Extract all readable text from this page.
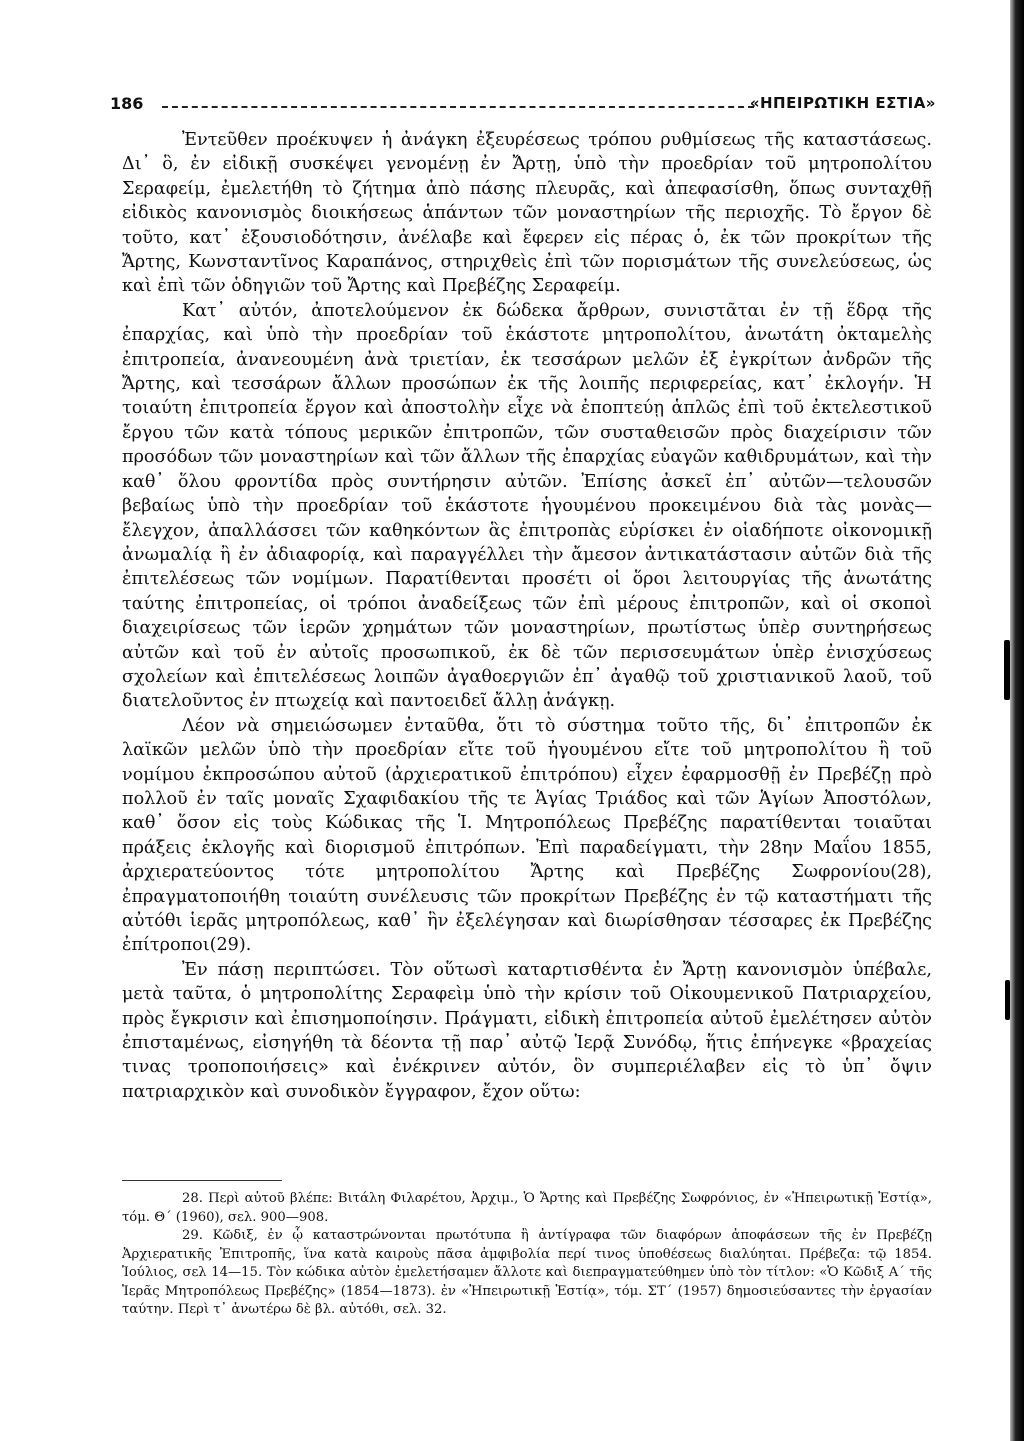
186	«ΗΠΕΙΡΩΤΙΚΗ ΕΣΤΙΑ»

Ἐντεῦθεν προέκυψεν ἡ ἀνάγκη ἐξευρέσεως τρόπου ρυθμίσεως τῆς καταστάσεως. Δι᾿ ὃ, ἐν εἰδικῇ συσκέψει γενομένῃ ἐν Ἄρτῃ, ὑπὸ τὴν προεδρίαν τοῦ μητροπολίτου Σεραφείμ, ἐμελετήθη τὸ ζήτημα ἀπὸ πάσης πλευρᾶς, καὶ ἀπεφασίσθη, ὅπως συνταχθῇ εἰδικὸς κανονισμὸς διοικήσεως ἁπάντων τῶν μοναστηρίων τῆς περιοχῆς. Τὸ ἔργον δὲ τοῦτο, κατ᾿ ἐξουσιοδότησιν, ἀνέλαβε καὶ ἔφερεν εἰς πέρας ὁ, ἐκ τῶν προκρίτων τῆς Ἄρτης, Κωνσταντῖνος Καραπάνος, στηριχθεὶς ἐπὶ τῶν πορισμάτων τῆς συνελεύσεως, ὡς καὶ ἐπὶ τῶν ὁδηγιῶν τοῦ Ἄρτης καὶ Πρεβέζης Σεραφείμ.

Κατ᾿ αὐτόν, ἀποτελούμενον ἐκ δώδεκα ἄρθρων, συνιστᾶται ἐν τῇ ἕδρᾳ τῆς ἐπαρχίας, καὶ ὑπὸ τὴν προεδρίαν τοῦ ἑκάστοτε μητροπολίτου, ἀνωτάτη ὀκταμελὴς ἐπιτροπεία, ἀνανεουμένη ἀνὰ τριετίαν, ἐκ τεσσάρων μελῶν ἐξ ἐγκρίτων ἀνδρῶν τῆς Ἄρτης, καὶ τεσσάρων ἄλλων προσώπων ἐκ τῆς λοιπῆς περιφερείας, κατ᾿ ἐκλογήν. Ἡ τοιαύτη ἐπιτροπεία ἔργον καὶ ἀποστολὴν εἶχε νὰ ἐποπτεύῃ ἁπλῶς ἐπὶ τοῦ ἐκτελεστικοῦ ἔργου τῶν κατὰ τόπους μερικῶν ἐπιτροπῶν, τῶν συσταθεισῶν πρὸς διαχείρισιν τῶν προσόδων τῶν μοναστηρίων καὶ τῶν ἄλλων τῆς ἐπαρχίας εὐαγῶν καθιδρυμάτων, καὶ τὴν καθ᾿ ὅλου φροντίδα πρὸς συντήρησιν αὐτῶν. Ἐπίσης ἀσκεῖ ἐπ᾿ αὐτῶν—τελουσῶν βεβαίως ὑπὸ τὴν προεδρίαν τοῦ ἑκάστοτε ἡγουμένου προκειμένου διὰ τὰς μονὰς—ἔλεγχον, ἀπαλλάσσει τῶν καθηκόντων ἃς ἐπιτροπὰς εὑρίσκει ἐν οἱαδήποτε οἰκονομικῇ ἀνωμαλίᾳ ἢ ἐν ἀδιαφορίᾳ, καὶ παραγγέλλει τὴν ἄμεσον ἀντικατάστασιν αὐτῶν διὰ τῆς ἐπιτελέσεως τῶν νομίμων. Παρατίθενται προσέτι οἱ ὅροι λειτουργίας τῆς ἀνωτάτης ταύτης ἐπιτροπείας, οἱ τρόποι ἀναδείξεως τῶν ἐπὶ μέρους ἐπιτροπῶν, καὶ οἱ σκοποὶ διαχειρίσεως τῶν ἱερῶν χρημάτων τῶν μοναστηρίων, πρωτίστως ὑπὲρ συντηρήσεως αὐτῶν καὶ τοῦ ἐν αὐτοῖς προσωπικοῦ, ἐκ δὲ τῶν περισσευμάτων ὑπὲρ ἐνισχύσεως σχολείων καὶ ἐπιτελέσεως λοιπῶν ἀγαθοεργιῶν ἐπ᾿ ἀγαθῷ τοῦ χριστιανικοῦ λαοῦ, τοῦ διατελοῦντος ἐν πτωχείᾳ καὶ παντοειδεῖ ἄλλῃ ἀνάγκῃ.

Λέον νὰ σημειώσωμεν ἐνταῦθα, ὅτι τὸ σύστημα τοῦτο τῆς, δι᾿ ἐπιτροπῶν ἐκ λαϊκῶν μελῶν ὑπὸ τὴν προεδρίαν εἴτε τοῦ ἡγουμένου εἴτε τοῦ μητροπολίτου ἢ τοῦ νομίμου ἐκπροσώπου αὐτοῦ (ἀρχιερατικοῦ ἐπιτρόπου) εἶχεν ἐφαρμοσθῇ ἐν Πρεβέζῃ πρὸ πολλοῦ ἐν ταῖς μοναῖς Σχαφιδακίου τῆς τε Ἁγίας Τριάδος καὶ τῶν Ἁγίων Ἀποστόλων, καθ᾿ ὅσον εἰς τοὺς Κώδικας τῆς Ἱ. Μητροπόλεως Πρεβέζης παρατίθενται τοιαῦται πράξεις ἐκλογῆς καὶ διορισμοῦ ἐπιτρόπων. Ἐπὶ παραδείγματι, τὴν 28ην Μαΐου 1855, ἀρχιερατεύοντος τότε μητροπολίτου Ἄρτης καὶ Πρεβέζης Σωφρονίου(28), ἐπραγματοποιήθη τοιαύτη συνέλευσις τῶν προκρίτων Πρεβέζης ἐν τῷ καταστήματι τῆς αὐτόθι ἱερᾶς μητροπόλεως, καθ᾿ ἣν ἐξελέγησαν καὶ διωρίσθησαν τέσσαρες ἐκ Πρεβέζης ἐπίτροποι(29).

Ἐν πάσῃ περιπτώσει. Τὸν οὕτωσὶ καταρτισθέντα ἐν Ἄρτῃ κανονισμὸν ὑπέβαλε, μετὰ ταῦτα, ὁ μητροπολίτης Σεραφεὶμ ὑπὸ τὴν κρίσιν τοῦ Οἰκουμενικοῦ Πατριαρχείου, πρὸς ἔγκρισιν καὶ ἐπισημοποίησιν. Πράγματι, εἰδικὴ ἐπιτροπεία αὐτοῦ ἐμελέτησεν αὐτὸν ἐπισταμένως, εἰσηγήθη τὰ δέοντα τῇ παρ᾿ αὐτῷ Ἱερᾷ Συνόδῳ, ἥτις ἐπήνεγκε «βραχείας τινας τροποποιήσεις» καὶ ἐνέκρινεν αὐτόν, ὃν συμπεριέλαβεν εἰς τὸ ὑπ᾿ ὄψιν πατριαρχικὸν καὶ συνοδικὸν ἔγγραφον, ἔχον οὕτω:

28. Περὶ αὐτοῦ βλέπε: Βιτάλη Φιλαρέτου, Ἀρχιμ., Ὁ Ἄρτης καὶ Πρεβέζης Σωφρόνιος, ἐν «Ἠπειρωτικῇ Ἑστίᾳ», τόμ. Θ´ (1960), σελ. 900—908.

29. Κῶδιξ, ἐν ᾧ καταστρώνονται πρωτότυπα ἢ ἀντίγραφα τῶν διαφόρων ἀποφάσεων τῆς ἐν Πρεβέζῃ Ἀρχιερατικῆς Ἐπιτροπῆς, ἵνα κατὰ καιροὺς πᾶσα ἀμφιβολία περί τινος ὑποθέσεως διαλύηται. Πρέβεζα: τῷ 1854. Ἰούλιος, σελ 14—15. Τὸν κώδικα αὐτὸν ἐμελετήσαμεν ἄλλοτε καὶ διεπραγματεύθημεν ὑπὸ τὸν τίτλον: «Ὁ Κῶδιξ Α´ τῆς Ἱερᾶς Μητροπόλεως Πρεβέζης» (1854—1873). ἐν «Ἠπειρωτικῇ Ἑστίᾳ», τόμ. ΣΤ´ (1957) δημοσιεύσαντες τὴν ἐργασίαν ταύτην. Περὶ τ᾿ ἀνωτέρω δὲ βλ. αὐτόθι, σελ. 32.
